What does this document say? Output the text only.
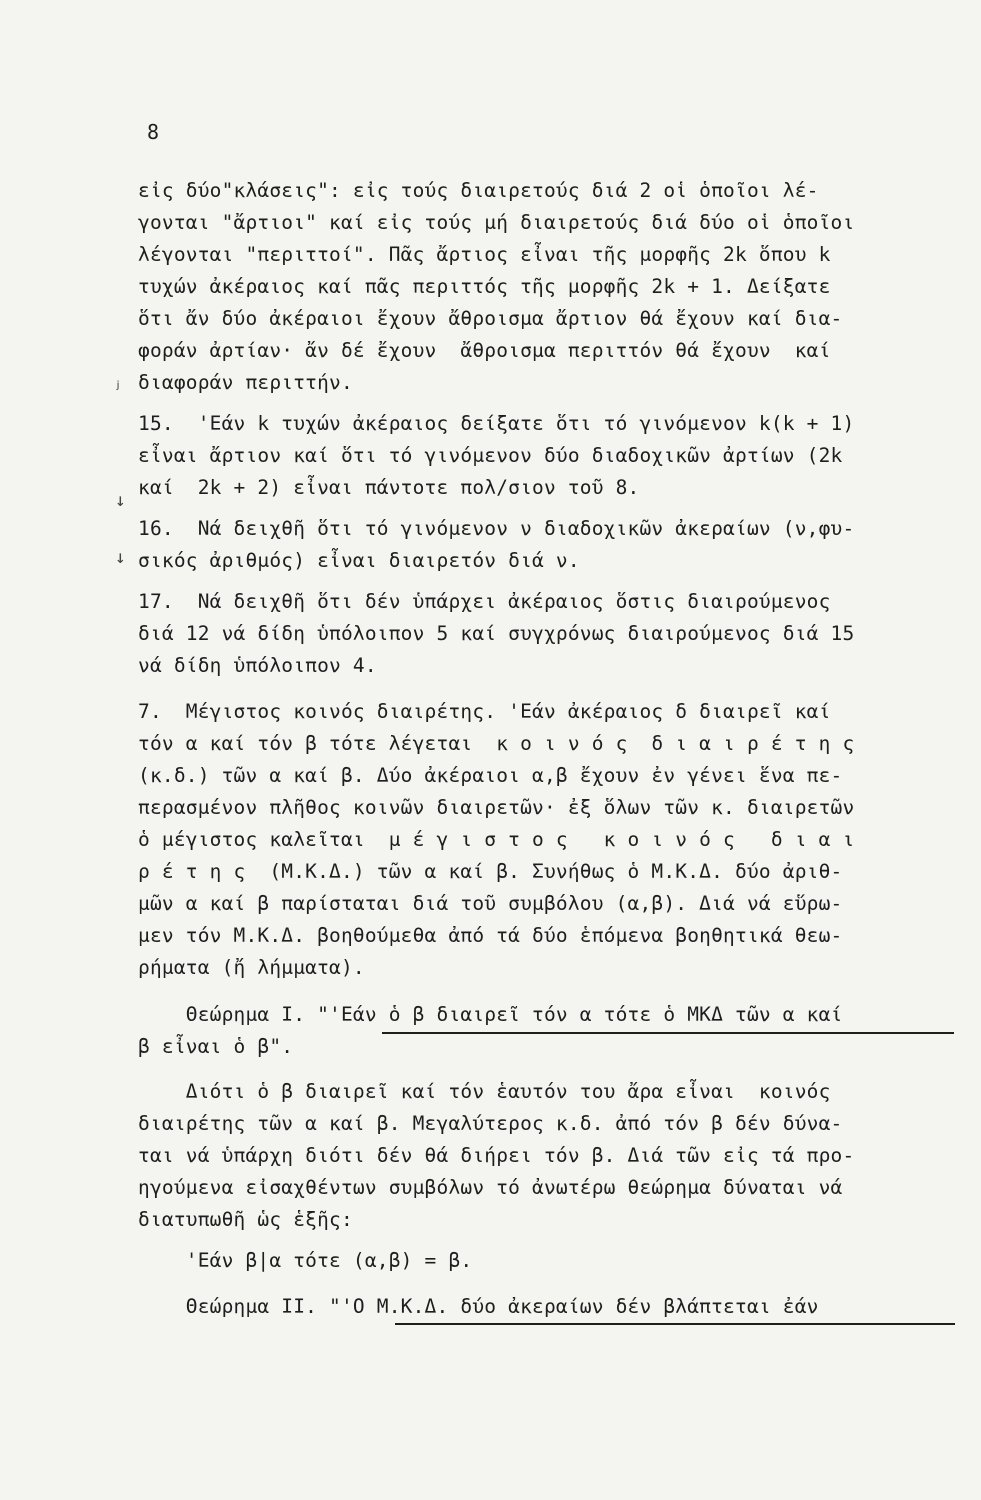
8
εἰς δύο"κλάσεις": εἰς τούς διαιρετούς διά 2 οἱ ὁποῖοι λέ-
γονται "ἄρτιοι" καί εἰς τούς μή διαιρετούς διά δύο οἱ ὁποῖοι
λέγονται "περιττοί". Πᾶς ἄρτιος εἶναι τῆς μορφῆς 2k ὅπου k
τυχών ἀκέραιος καί πᾶς περιττός τῆς μορφῆς 2k + 1. Δείξατε
ὅτι ἄν δύο ἀκέραιοι ἔχουν ἄθροισμα ἄρτιον θά ἔχουν καί δια-
φοράν ἀρτίαν· ἄν δέ ἔχουν  ἄθροισμα περιττόν θά ἔχουν  καί
διαφοράν περιττήν.
ʲ
15.  'Εάν k τυχών ἀκέραιος δείξατε ὅτι τό γινόμενον k(k + 1)
εἶναι ἄρτιον καί ὅτι τό γινόμενον δύο διαδοχικῶν ἀρτίων (2k
καί  2k + 2) εἶναι πάντοτε πολ/σιον τοῦ 8.
↓
16.  Νά δειχθῆ ὅτι τό γινόμενον ν διαδοχικῶν ἀκεραίων (ν,φυ-
σικός ἀριθμός) εἶναι διαιρετόν διά ν.
↓
17.  Νά δειχθῆ ὅτι δέν ὑπάρχει ἀκέραιος ὅστις διαιρούμενος
διά 12 νά δίδη ὑπόλοιπον 5 καί συγχρόνως διαιρούμενος διά 15
νά δίδη ὑπόλοιπον 4.
7.  Μέγιστος κοινός διαιρέτης. 'Εάν ἀκέραιος δ διαιρεῖ καί
τόν α καί τόν β τότε λέγεται  κ ο ι ν ό ς  δ ι α ι ρ έ τ η ς
(κ.δ.) τῶν α καί β. Δύο ἀκέραιοι α,β ἔχουν ἐν γένει ἕνα πε-
περασμένον πλῆθος κοινῶν διαιρετῶν· ἐξ ὅλων τῶν κ. διαιρετῶν
ὁ μέγιστος καλεῖται  μ έ γ ι σ τ ο ς   κ ο ι ν ό ς   δ ι α ι
ρ έ τ η ς  (Μ.Κ.Δ.) τῶν α καί β. Συνήθως ὁ Μ.Κ.Δ. δύο ἀριθ-
μῶν α καί β παρίσταται διά τοῦ συμβόλου (α,β). Διά νά εὕρω-
μεν τόν Μ.Κ.Δ. βοηθούμεθα ἀπό τά δύο ἑπόμενα βοηθητικά θεω-
ρήματα (ἤ λήμματα).
Θεώρημα Ι. "'Εάν ὁ β διαιρεῖ τόν α τότε ὁ ΜΚΔ τῶν α καί
β εἶναι ὁ β".
Διότι ὁ β διαιρεῖ καί τόν ἑαυτόν του ἄρα εἶναι  κοινός
διαιρέτης τῶν α καί β. Μεγαλύτερος κ.δ. ἀπό τόν β δέν δύνα-
ται νά ὑπάρχη διότι δέν θά διήρει τόν β. Διά τῶν εἰς τά προ-
ηγούμενα εἰσαχθέντων συμβόλων τό ἀνωτέρω θεώρημα δύναται νά
διατυπωθῆ ὡς ἑξῆς:
'Εάν β|α τότε (α,β) = β.
Θεώρημα ΙΙ. "'Ο Μ.Κ.Δ. δύο ἀκεραίων δέν βλάπτεται ἐάν
